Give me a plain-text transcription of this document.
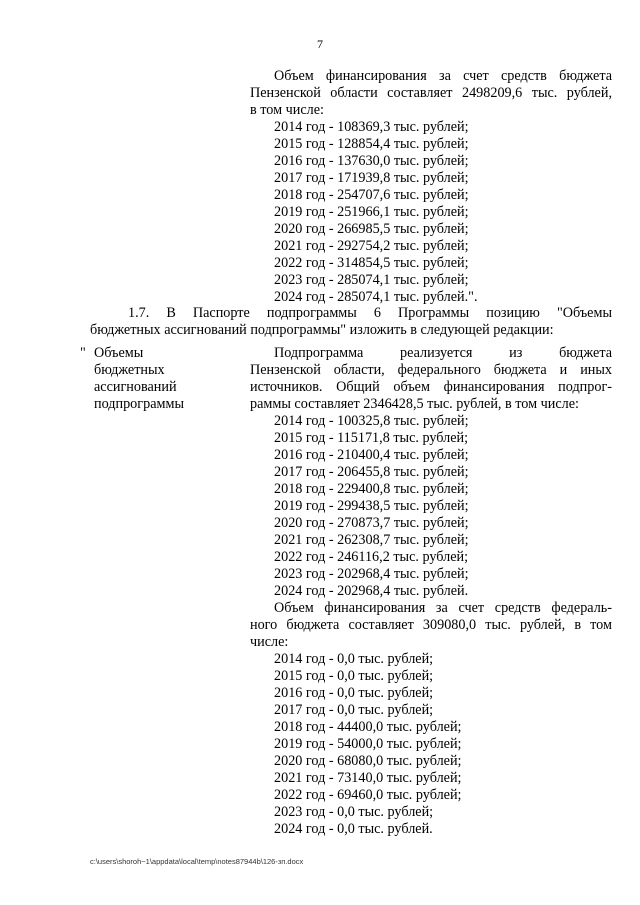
7
Объем финансирования за счет средств бюджета
Пензенской области составляет 2498209,6 тыс. рублей,
в том числе:
2014 год - 108369,3 тыс. рублей;
2015 год - 128854,4 тыс. рублей;
2016 год - 137630,0 тыс. рублей;
2017 год - 171939,8 тыс. рублей;
2018 год - 254707,6 тыс. рублей;
2019 год - 251966,1 тыс. рублей;
2020 год - 266985,5 тыс. рублей;
2021 год - 292754,2 тыс. рублей;
2022 год - 314854,5 тыс. рублей;
2023 год - 285074,1 тыс. рублей;
2024 год - 285074,1 тыс. рублей.".
1.7. В Паспорте подпрограммы 6 Программы позицию "Объемы
бюджетных ассигнований подпрограммы" изложить в следующей редакции:
" Объемы
бюджетных
ассигнований
подпрограммы
Подпрограмма реализуется из бюджета
Пензенской области, федерального бюджета и иных
источников. Общий объем финансирования подпрог-
раммы составляет 2346428,5 тыс. рублей, в том числе:
2014 год - 100325,8 тыс. рублей;
2015 год - 115171,8 тыс. рублей;
2016 год - 210400,4 тыс. рублей;
2017 год - 206455,8 тыс. рублей;
2018 год - 229400,8 тыс. рублей;
2019 год - 299438,5 тыс. рублей;
2020 год - 270873,7 тыс. рублей;
2021 год - 262308,7 тыс. рублей;
2022 год - 246116,2 тыс. рублей;
2023 год - 202968,4 тыс. рублей;
2024 год - 202968,4 тыс. рублей.
Объем финансирования за счет средств федераль-
ного бюджета составляет 309080,0 тыс. рублей, в том
числе:
2014 год - 0,0 тыс. рублей;
2015 год - 0,0 тыс. рублей;
2016 год - 0,0 тыс. рублей;
2017 год - 0,0 тыс. рублей;
2018 год - 44400,0 тыс. рублей;
2019 год - 54000,0 тыс. рублей;
2020 год - 68080,0 тыс. рублей;
2021 год - 73140,0 тыс. рублей;
2022 год - 69460,0 тыс. рублей;
2023 год - 0,0 тыс. рублей;
2024 год - 0,0 тыс. рублей.
c:\users\shoroh~1\appdata\local\temp\notes87944b\126-зп.docx
